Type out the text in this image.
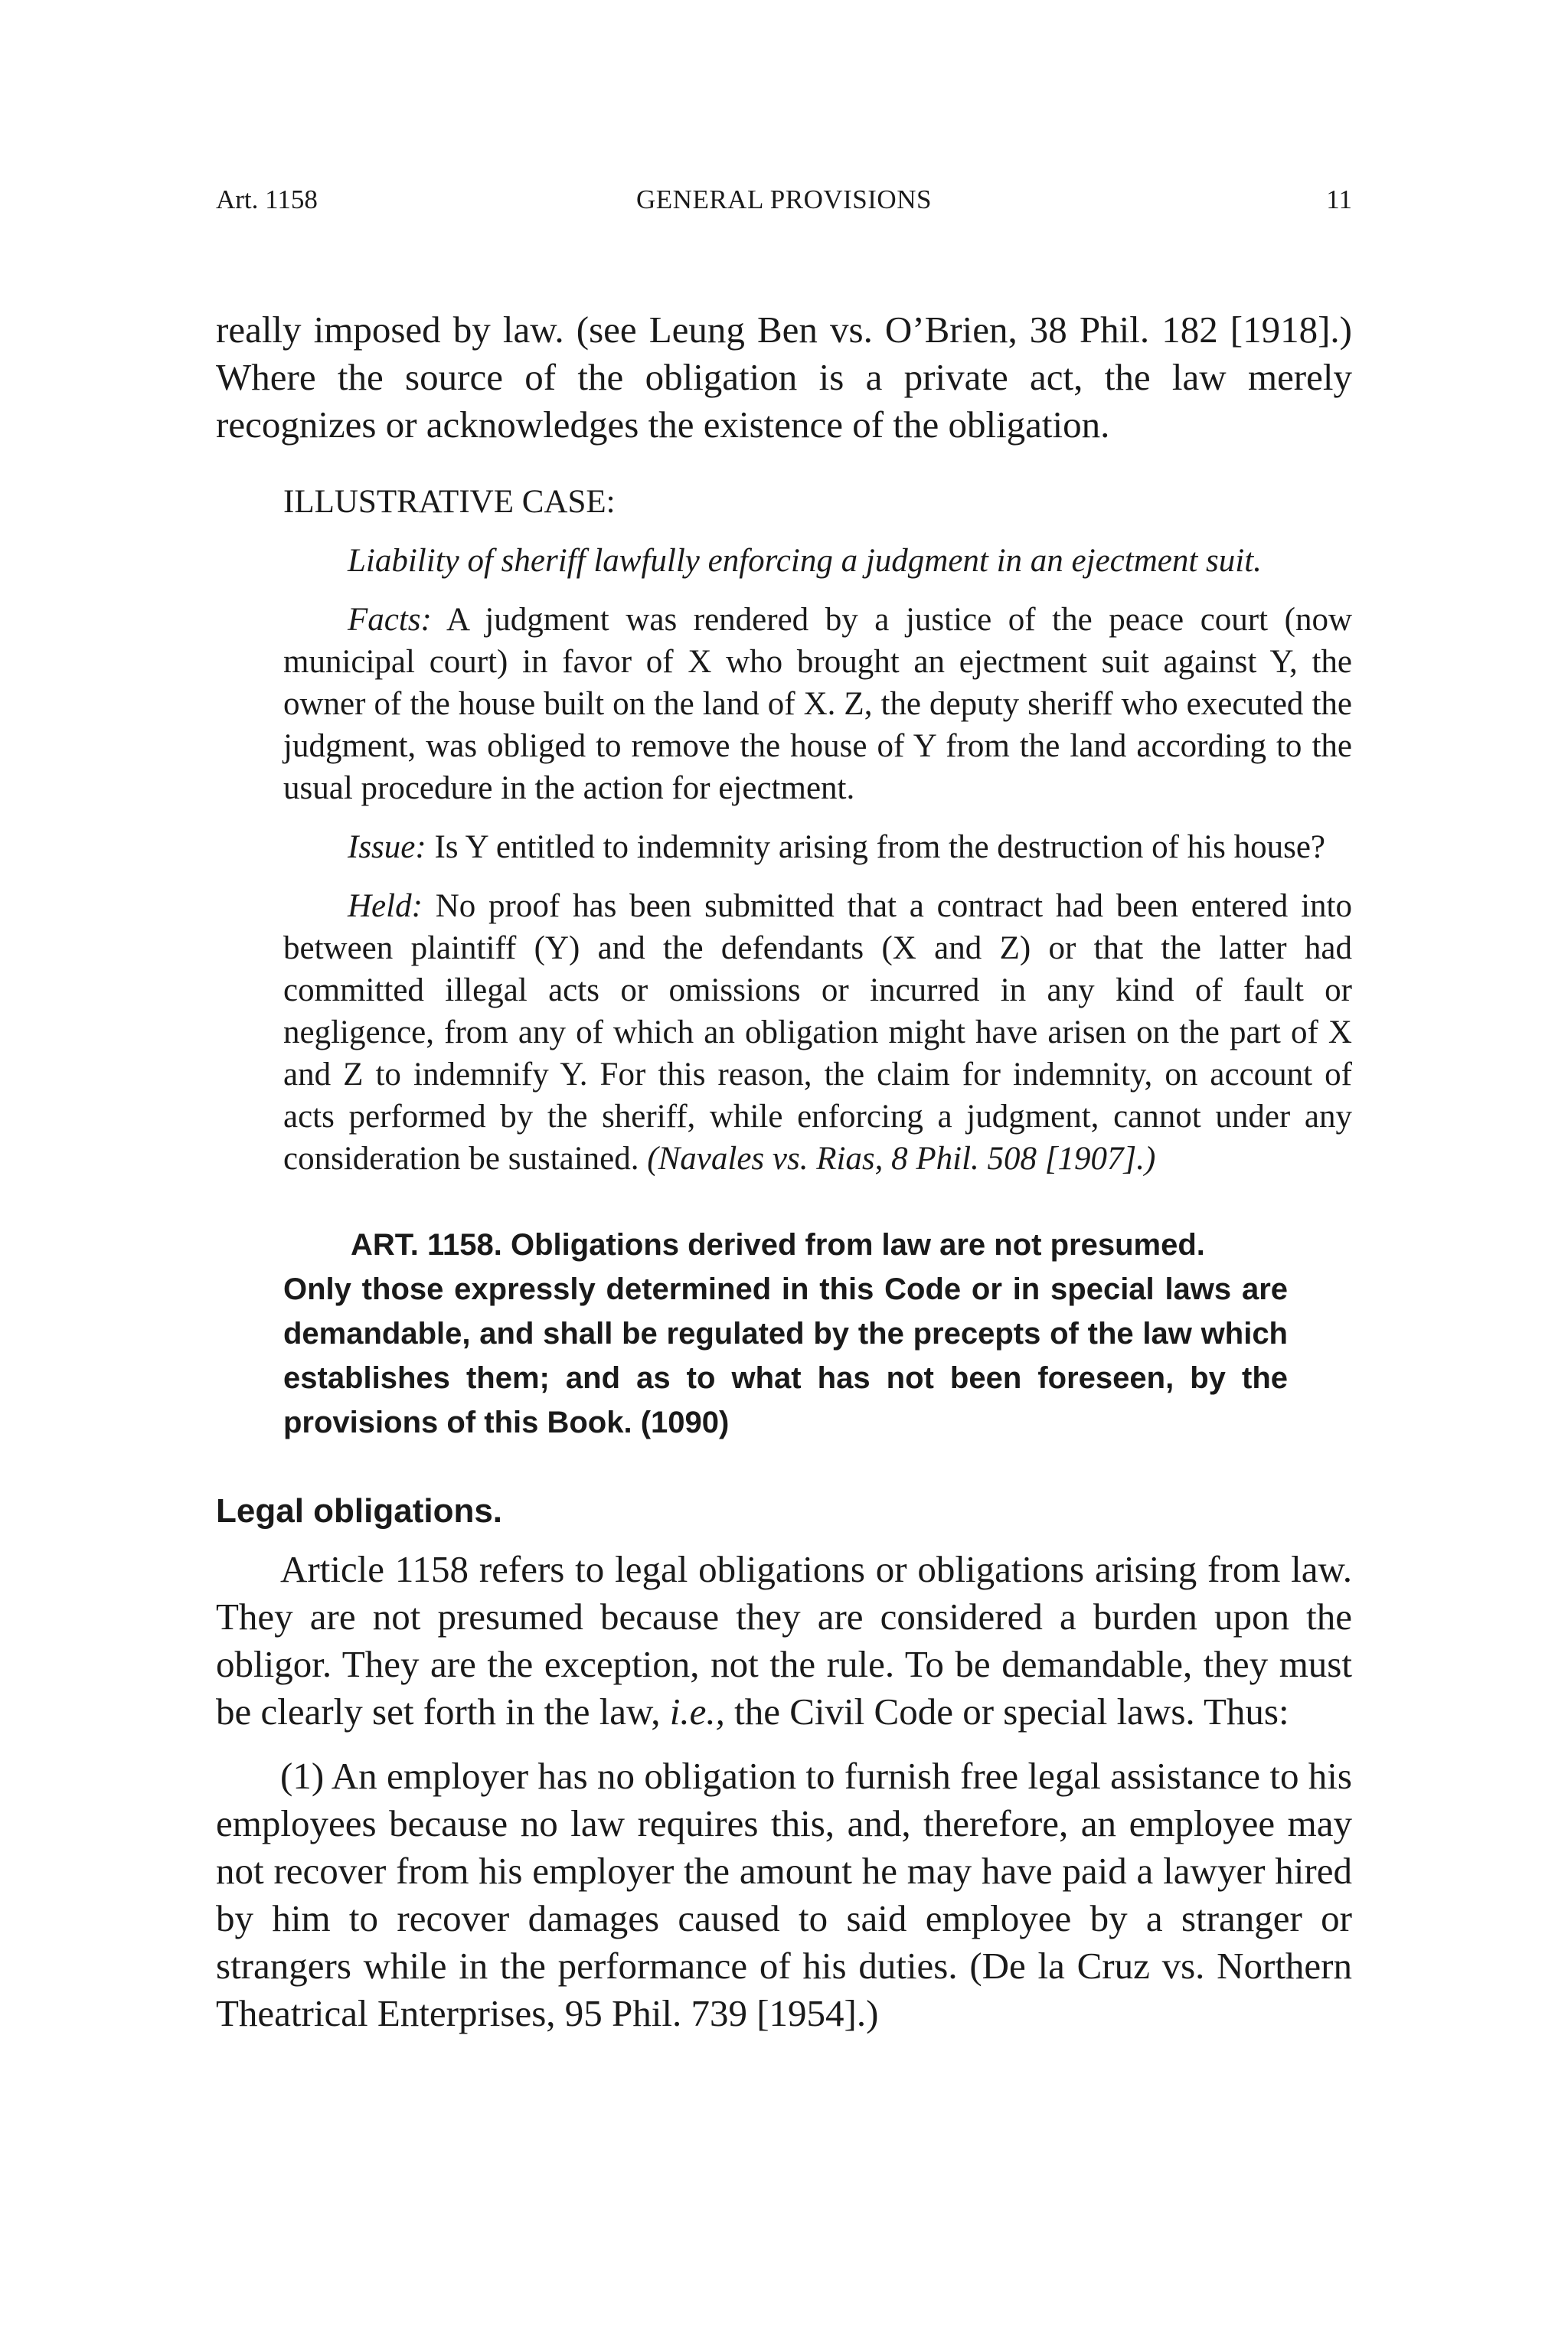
Art. 1158	GENERAL PROVISIONS	11

really imposed by law. (see Leung Ben vs. O’Brien, 38 Phil. 182 [1918].) Where the source of the obligation is a private act, the law merely recognizes or acknowledges the existence of the obligation.

ILLUSTRATIVE CASE:

Liability of sheriff lawfully enforcing a judgment in an ejectment suit.

Facts: A judgment was rendered by a justice of the peace court (now municipal court) in favor of X who brought an ejectment suit against Y, the owner of the house built on the land of X. Z, the deputy sheriff who executed the judgment, was obliged to remove the house of Y from the land according to the usual procedure in the action for ejectment.

Issue: Is Y entitled to indemnity arising from the destruction of his house?

Held: No proof has been submitted that a contract had been entered into between plaintiff (Y) and the defendants (X and Z) or that the latter had committed illegal acts or omissions or incurred in any kind of fault or negligence, from any of which an obligation might have arisen on the part of X and Z to indemnify Y. For this reason, the claim for indemnity, on account of acts performed by the sheriff, while enforcing a judgment, cannot under any consideration be sustained. (Navales vs. Rias, 8 Phil. 508 [1907].)

ART. 1158. Obligations derived from law are not presumed.
Only those expressly determined in this Code or in special laws are demandable, and shall be regulated by the precepts of the law which establishes them; and as to what has not been foreseen, by the provisions of this Book. (1090)

Legal obligations.

Article 1158 refers to legal obligations or obligations arising from law. They are not presumed because they are considered a burden upon the obligor. They are the exception, not the rule. To be demandable, they must be clearly set forth in the law, i.e., the Civil Code or special laws. Thus:

(1) An employer has no obligation to furnish free legal assistance to his employees because no law requires this, and, therefore, an employee may not recover from his employer the amount he may have paid a lawyer hired by him to recover damages caused to said employee by a stranger or strangers while in the performance of his duties. (De la Cruz vs. Northern Theatrical Enterprises, 95 Phil. 739 [1954].)
